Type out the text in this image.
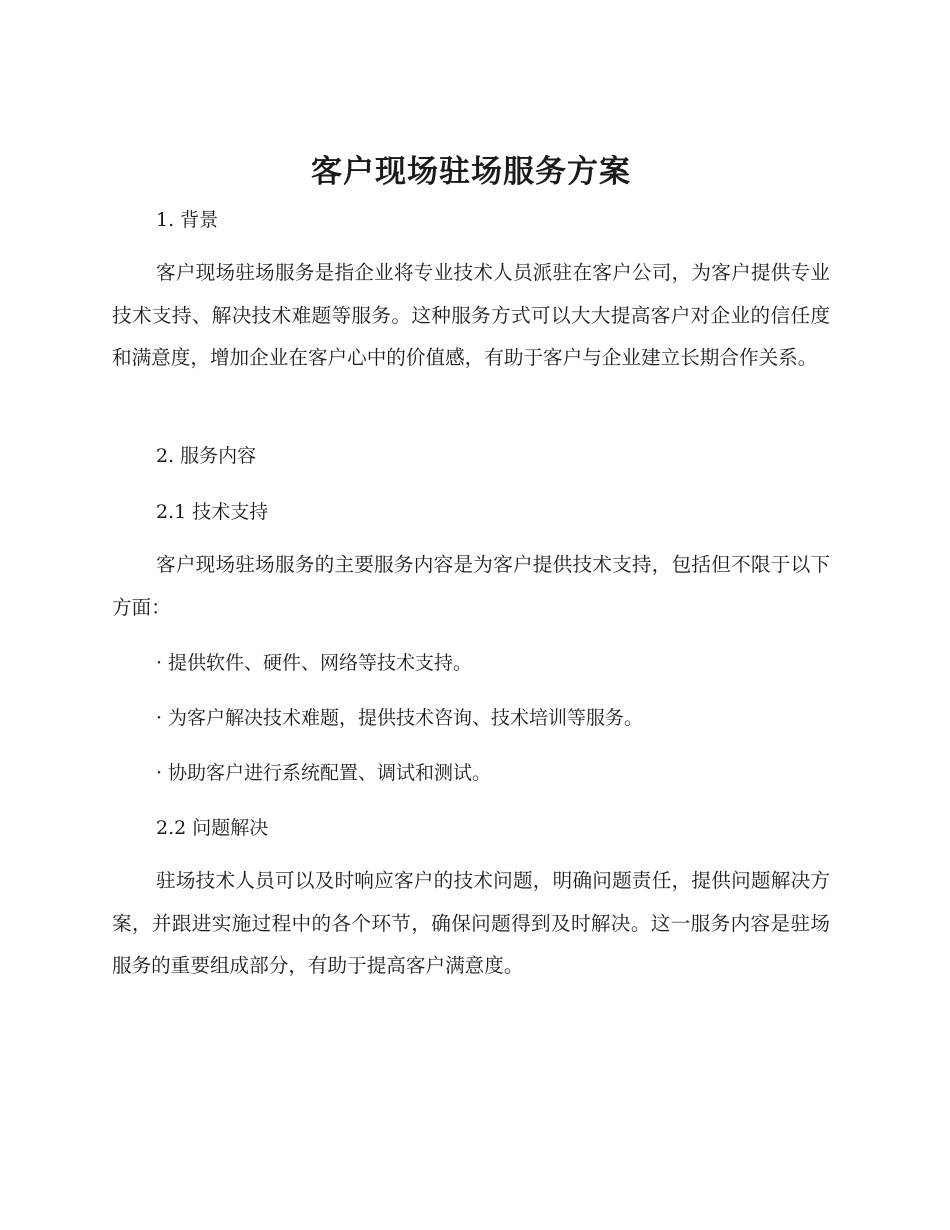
客户现场驻场服务方案
1. 背景

客户现场驻场服务是指企业将专业技术人员派驻在客户公司，为客户提供专业技术支持、解决技术难题等服务。这种服务方式可以大大提高客户对企业的信任度和满意度，增加企业在客户心中的价值感，有助于客户与企业建立长期合作关系。

2. 服务内容
2.1 技术支持

客户现场驻场服务的主要服务内容是为客户提供技术支持，包括但不限于以下方面：

· 提供软件、硬件、网络等技术支持。
· 为客户解决技术难题，提供技术咨询、技术培训等服务。
· 协助客户进行系统配置、调试和测试。
2.2 问题解决

驻场技术人员可以及时响应客户的技术问题，明确问题责任，提供问题解决方案，并跟进实施过程中的各个环节，确保问题得到及时解决。这一服务内容是驻场服务的重要组成部分，有助于提高客户满意度。
